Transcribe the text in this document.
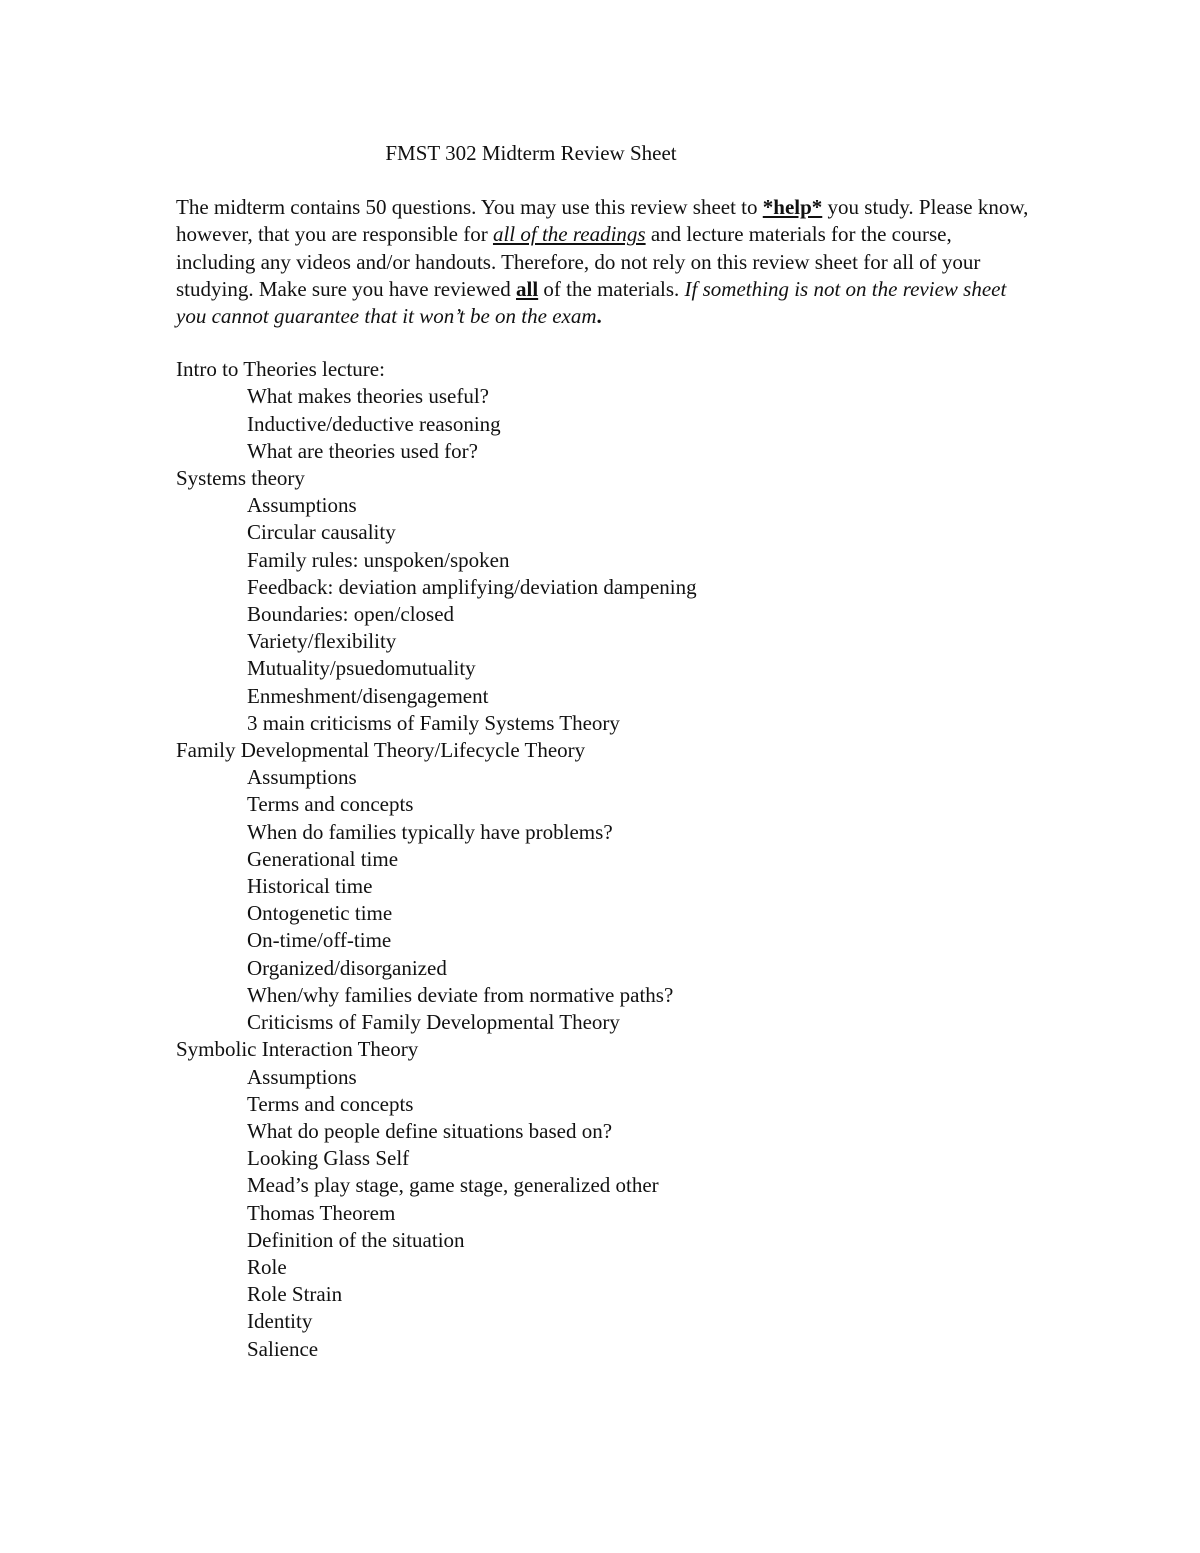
FMST 302 Midterm Review Sheet

The midterm contains 50 questions. You may use this review sheet to *help* you study. Please know, however, that you are responsible for all of the readings and lecture materials for the course, including any videos and/or handouts. Therefore, do not rely on this review sheet for all of your studying. Make sure you have reviewed all of the materials. If something is not on the review sheet you cannot guarantee that it won’t be on the exam.

Intro to Theories lecture:
What makes theories useful?
Inductive/deductive reasoning
What are theories used for?
Systems theory
Assumptions
Circular causality
Family rules: unspoken/spoken
Feedback: deviation amplifying/deviation dampening
Boundaries: open/closed
Variety/flexibility
Mutuality/psuedomutuality
Enmeshment/disengagement
3 main criticisms of Family Systems Theory
Family Developmental Theory/Lifecycle Theory
Assumptions
Terms and concepts
When do families typically have problems?
Generational time
Historical time
Ontogenetic time
On-time/off-time
Organized/disorganized
When/why families deviate from normative paths?
Criticisms of Family Developmental Theory
Symbolic Interaction Theory
Assumptions
Terms and concepts
What do people define situations based on?
Looking Glass Self
Mead’s play stage, game stage, generalized other
Thomas Theorem
Definition of the situation
Role
Role Strain
Identity
Salience
